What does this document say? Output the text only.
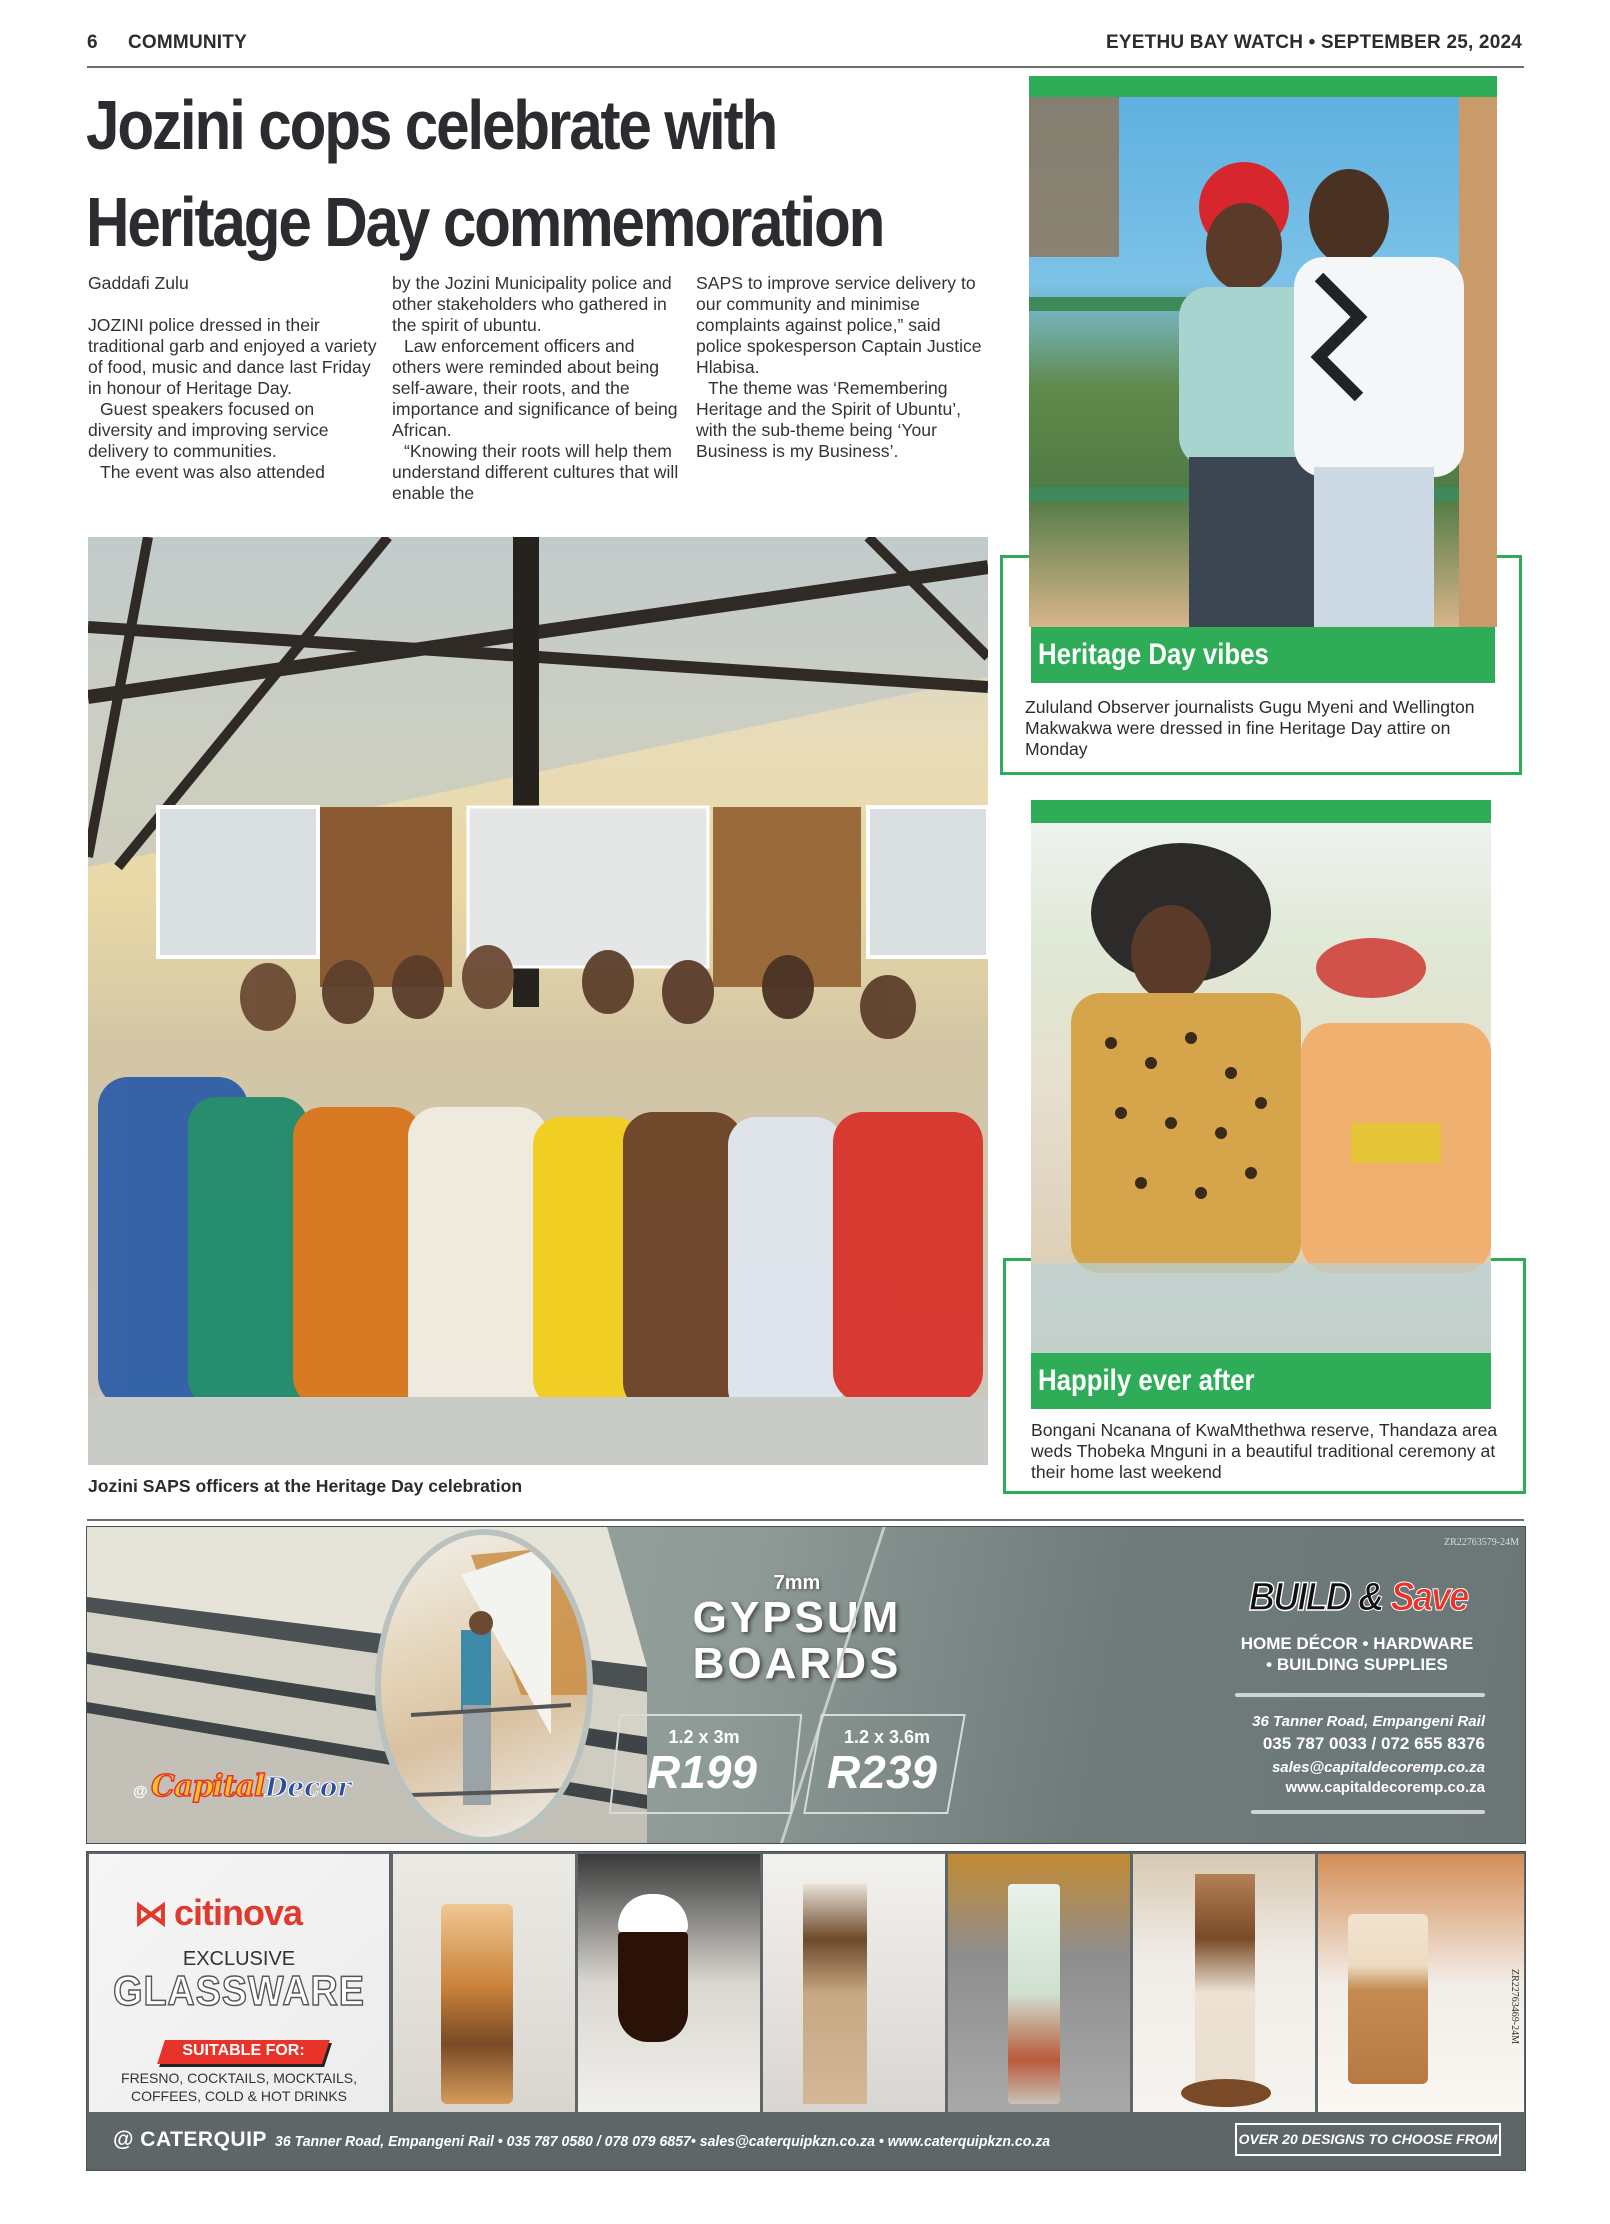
6 COMMUNITY	EYETHU BAY WATCH • SEPTEMBER 25, 2024
Jozini cops celebrate with
Heritage Day commemoration

Gaddafi Zulu

JOZINI police dressed in their traditional garb and enjoyed a variety of food, music and dance last Friday in honour of Heritage Day.

Guest speakers focused on diversity and improving service delivery to communities.

The event was also attended

by the Jozini Municipality police and other stakeholders who gathered in the spirit of ubuntu.

Law enforcement officers and others were reminded about being self-aware, their roots, and the importance and significance of being African.

“Knowing their roots will help them understand different cultures that will enable the

SAPS to improve service delivery to our community and minimise complaints against police,” said police spokesperson Captain Justice Hlabisa.

The theme was ‘Remembering Heritage and the Spirit of Ubuntu’, with the sub-theme being ‘Your Business is my Business’.

Jozini SAPS officers at the Heritage Day celebration
Heritage Day vibes
Zululand Observer journalists Gugu Myeni and Wellington Makwakwa were dressed in fine Heritage Day attire on Monday
Happily ever after
Bongani Ncanana of KwaMthethwa reserve, Thandaza area weds Thobeka Mnguni in a beautiful traditional ceremony at their home last weekend
@ Capital Decor
7mm
GYPSUM
BOARDS
1.2 x 3m
R199
1.2 x 3.6m
R239
ZR22763579-24M
BUILD & Save
HOME DÉCOR • HARDWARE
• BUILDING SUPPLIES
36 Tanner Road, Empangeni Rail
035 787 0033 / 072 655 8376
sales@capitaldecoremp.co.za
www.capitaldecoremp.co.za
⋈ citinova
EXCLUSIVE
GLASSWARE
SUITABLE FOR:
FRESNO, COCKTAILS, MOCKTAILS,
COFFEES, COLD & HOT DRINKS
ZR22763469-24M
@ CATERQUIP 36 Tanner Road, Empangeni Rail • 035 787 0580 / 078 079 6857• sales@caterquipkzn.co.za • www.caterquipkzn.co.za	OVER 20 DESIGNS TO CHOOSE FROM
